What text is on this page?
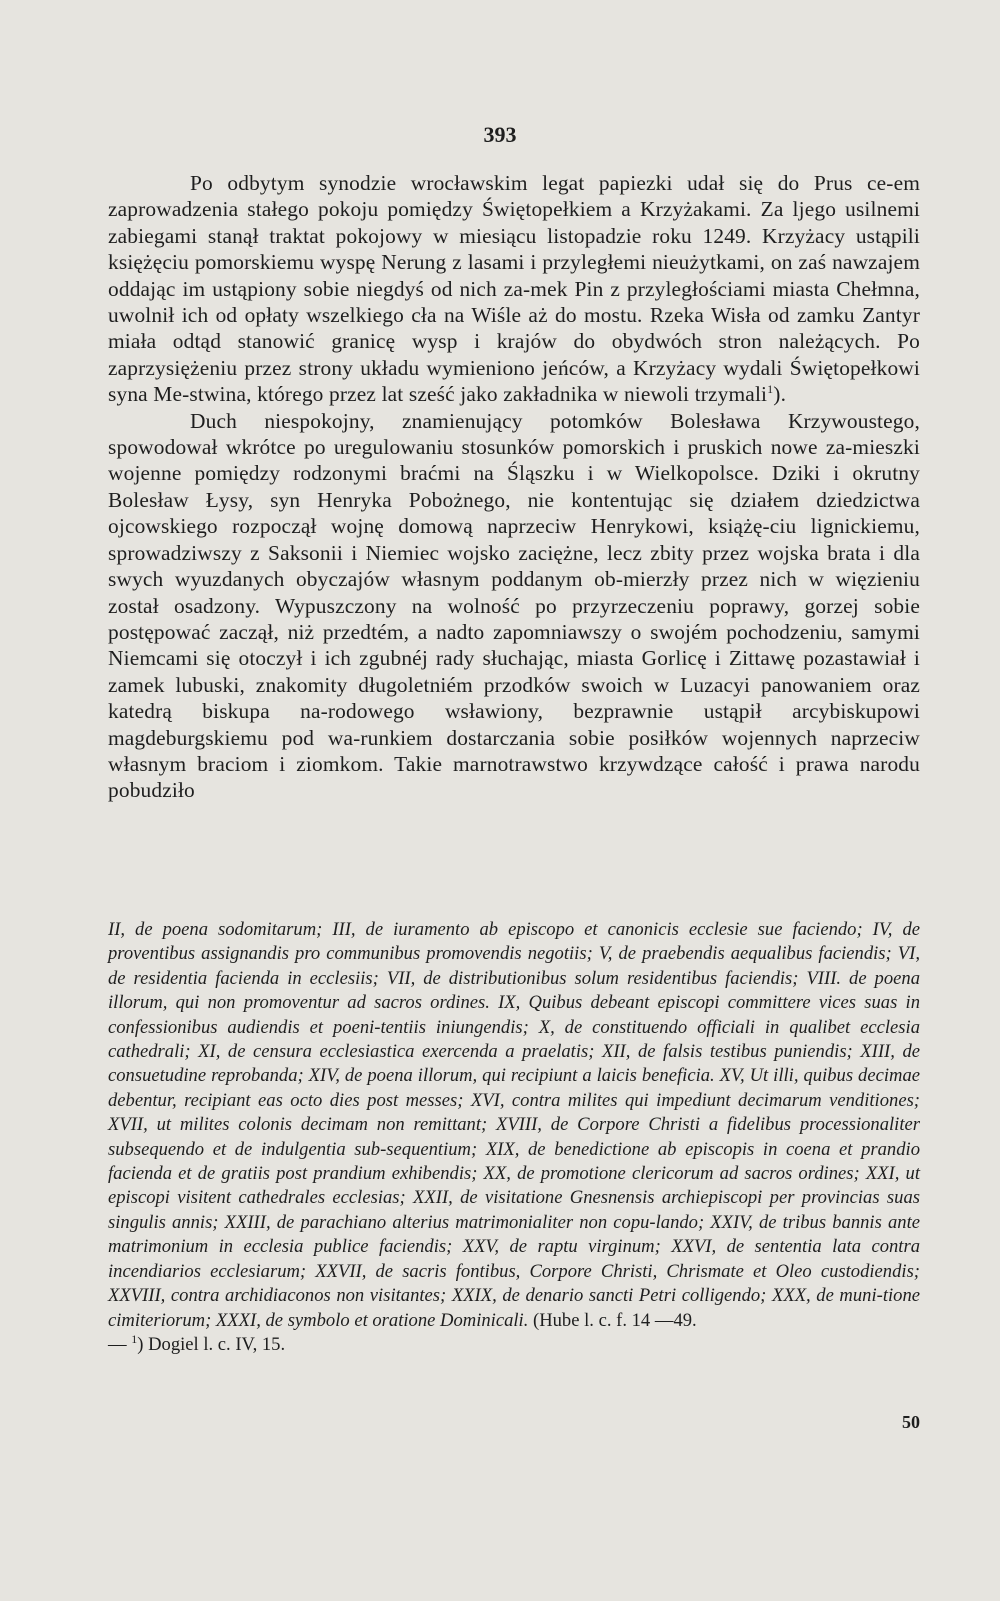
393

Po odbytym synodzie wrocławskim legat papiezki udał się do Prus ce-em zaprowadzenia stałego pokoju pomiędzy Świętopełkiem a Krzyżakami. Za ljego usilnemi zabiegami stanął traktat pokojowy w miesiącu listopadzie roku 1249. Krzyżacy ustąpili księżęciu pomorskiemu wyspę Nerung z lasami i przyległemi nieużytkami, on zaś nawzajem oddając im ustąpiony sobie niegdyś od nich za-mek Pin z przyległościami miasta Chełmna, uwolnił ich od opłaty wszelkiego cła na Wiśle aż do mostu. Rzeka Wisła od zamku Zantyr miała odtąd stanowić granicę wysp i krajów do obydwóch stron należących. Po zaprzysiężeniu przez strony układu wymieniono jeńców, a Krzyżacy wydali Świętopełkowi syna Me-stwina, którego przez lat sześć jako zakładnika w niewoli trzymali$^1$).

Duch niespokojny, znamienujący potomków Bolesława Krzywoustego, spowodował wkrótce po uregulowaniu stosunków pomorskich i pruskich nowe za-mieszki wojenne pomiędzy rodzonymi braćmi na Śląszku i w Wielkopolsce. Dziki i okrutny Bolesław Łysy, syn Henryka Pobożnego, nie kontentując się działem dziedzictwa ojcowskiego rozpoczął wojnę domową naprzeciw Henrykowi, książę-ciu lignickiemu, sprowadziwszy z Saksonii i Niemiec wojsko zaciężne, lecz zbity przez wojska brata i dla swych wyuzdanych obyczajów własnym poddanym ob-mierzły przez nich w więzieniu został osadzony. Wypuszczony na wolność po przyrzeczeniu poprawy, gorzej sobie postępować zaczął, niż przedtém, a nadto zapomniawszy o swojém pochodzeniu, samymi Niemcami się otoczył i ich zgubnéj rady słuchając, miasta Gorlicę i Zittawę pozastawiał i zamek lubuski, znakomity długoletniém przodków swoich w Luzacyi panowaniem oraz katedrą biskupa na-rodowego wsławiony, bezprawnie ustąpił arcybiskupowi magdeburgskiemu pod wa-runkiem dostarczania sobie posiłków wojennych naprzeciw własnym braciom i ziomkom. Takie marnotrawstwo krzywdzące całość i prawa narodu pobudziło

II, de poena sodomitarum; III, de iuramento ab episcopo et canonicis ecclesie sue faciendo; IV, de proventibus assignandis pro communibus promovendis negotiis; V, de praebendis aequalibus faciendis; VI, de residentia facienda in ecclesiis; VII, de distributionibus solum residentibus faciendis; VIII. de poena illorum, qui non promoventur ad sacros ordines. IX, Quibus debeant episcopi committere vices suas in confessionibus audiendis et poeni-tentiis iniungendis; X, de constituendo officiali in qualibet ecclesia cathedrali; XI, de censura ecclesiastica exercenda a praelatis; XII, de falsis testibus puniendis; XIII, de consuetudine reprobanda; XIV, de poena illorum, qui recipiunt a laicis beneficia. XV, Ut illi, quibus decimae debentur, recipiant eas octo dies post messes; XVI, contra milites qui impediunt decimarum venditiones; XVII, ut milites colonis decimam non remittant; XVIII, de Corpore Christi a fidelibus processionaliter subsequendo et de indulgentia sub-sequentium; XIX, de benedictione ab episcopis in coena et prandio facienda et de gratiis post prandium exhibendis; XX, de promotione clericorum ad sacros ordines; XXI, ut episcopi visitent cathedrales ecclesias; XXII, de visitatione Gnesnensis archiepiscopi per provincias suas singulis annis; XXIII, de parachiano alterius matrimonialiter non copu-lando; XXIV, de tribus bannis ante matrimonium in ecclesia publice faciendis; XXV, de raptu virginum; XXVI, de sententia lata contra incendiarios ecclesiarum; XXVII, de sacris fontibus, Corpore Christi, Chrismate et Oleo custodiendis; XXVIII, contra archidiaconos non visitantes; XXIX, de denario sancti Petri colligendo; XXX, de muni-tione cimiteriorum; XXXI, de symbolo et oratione Dominicali. (Hube l. c. f. 14 —49.

— $^1$) Dogiel l. c. IV, 15.

50
